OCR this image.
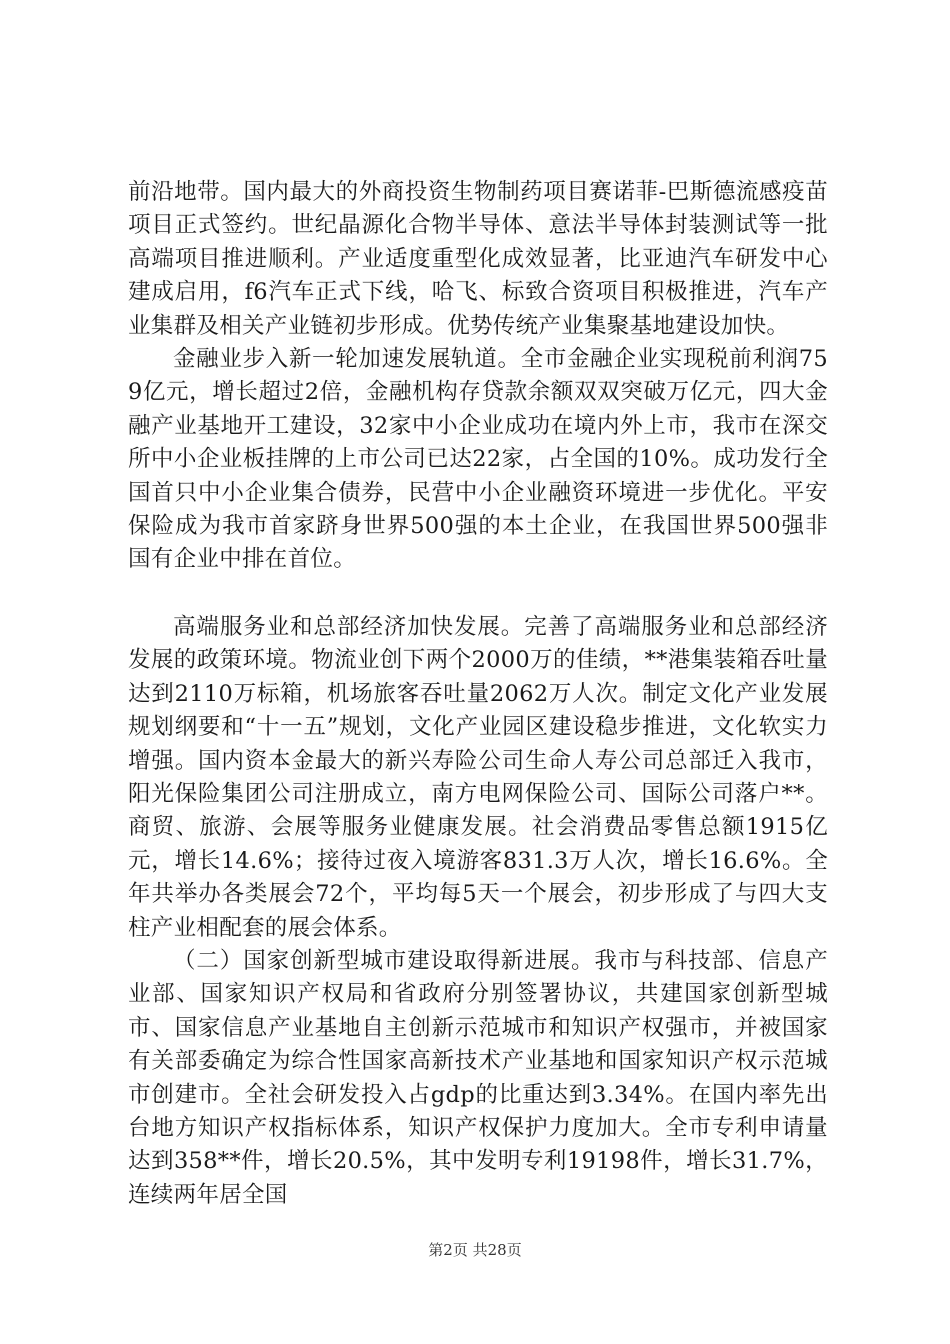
前沿地带。国内最大的外商投资生物制药项目赛诺菲-巴斯德流感疫苗项目正式签约。世纪晶源化合物半导体、意法半导体封装测试等一批高端项目推进顺利。产业适度重型化成效显著，比亚迪汽车研发中心建成启用，f6汽车正式下线，哈飞、标致合资项目积极推进，汽车产业集群及相关产业链初步形成。优势传统产业集聚基地建设加快。

金融业步入新一轮加速发展轨道。全市金融企业实现税前利润759亿元，增长超过2倍，金融机构存贷款余额双双突破万亿元，四大金融产业基地开工建设，32家中小企业成功在境内外上市，我市在深交所中小企业板挂牌的上市公司已达22家，占全国的10%。成功发行全国首只中小企业集合债券，民营中小企业融资环境进一步优化。平安保险成为我市首家跻身世界500强的本土企业，在我国世界500强非国有企业中排在首位。

高端服务业和总部经济加快发展。完善了高端服务业和总部经济发展的政策环境。物流业创下两个2000万的佳绩，**港集装箱吞吐量达到2110万标箱，机场旅客吞吐量2062万人次。制定文化产业发展规划纲要和“十一五”规划，文化产业园区建设稳步推进，文化软实力增强。国内资本金最大的新兴寿险公司生命人寿公司总部迁入我市，阳光保险集团公司注册成立，南方电网保险公司、国际公司落户**。商贸、旅游、会展等服务业健康发展。社会消费品零售总额1915亿元，增长14.6%；接待过夜入境游客831.3万人次，增长16.6%。全年共举办各类展会72个，平均每5天一个展会，初步形成了与四大支柱产业相配套的展会体系。

（二）国家创新型城市建设取得新进展。我市与科技部、信息产业部、国家知识产权局和省政府分别签署协议，共建国家创新型城市、国家信息产业基地自主创新示范城市和知识产权强市，并被国家有关部委确定为综合性国家高新技术产业基地和国家知识产权示范城市创建市。全社会研发投入占gdp的比重达到3.34%。在国内率先出台地方知识产权指标体系，知识产权保护力度加大。全市专利申请量达到358**件，增长20.5%，其中发明专利19198件，增长31.7%，连续两年居全国

第2页 共28页
